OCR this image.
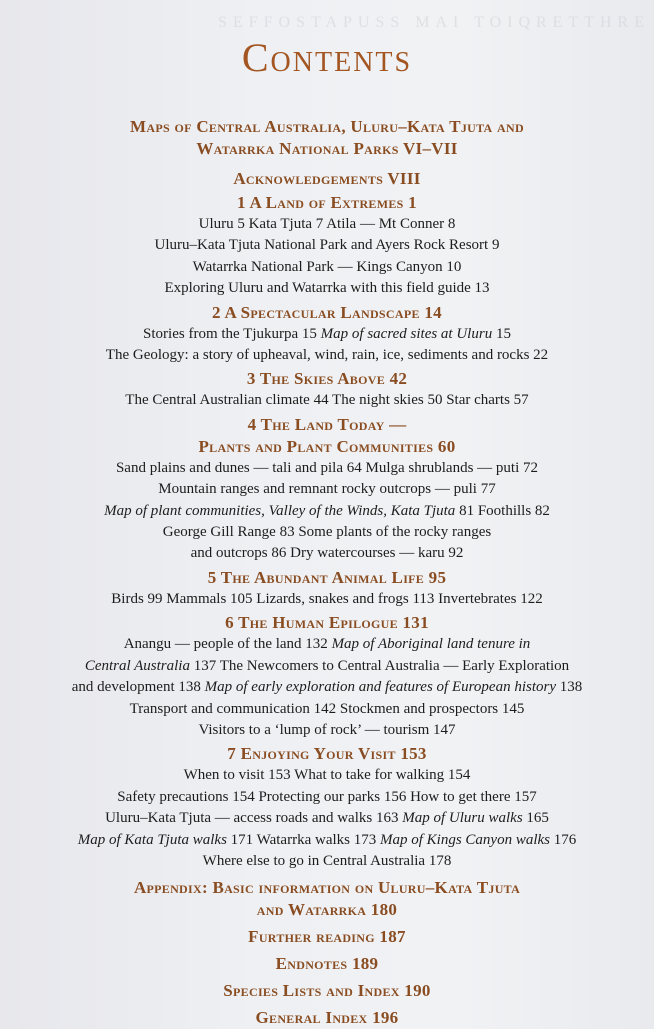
SEFFOSTAPUSS MAI TOIQRETTHRE
Contents
Maps of Central Australia, Uluru–Kata Tjuta and
Watarrka National Parks VI–VII
Acknowledgements VIII
1 A Land of Extremes 1
Uluru 5 Kata Tjuta 7 Atila — Mt Conner 8
Uluru–Kata Tjuta National Park and Ayers Rock Resort 9
Watarrka National Park — Kings Canyon 10
Exploring Uluru and Watarrka with this field guide 13
2 A Spectacular Landscape 14
Stories from the Tjukurpa 15 Map of sacred sites at Uluru 15
The Geology: a story of upheaval, wind, rain, ice, sediments and rocks 22
3 The Skies Above 42
The Central Australian climate 44 The night skies 50 Star charts 57
4 The Land Today —
Plants and Plant Communities 60
Sand plains and dunes — tali and pila 64 Mulga shrublands — puti 72
Mountain ranges and remnant rocky outcrops — puli 77
Map of plant communities, Valley of the Winds, Kata Tjuta 81 Foothills 82
George Gill Range 83 Some plants of the rocky ranges
and outcrops 86 Dry watercourses — karu 92
5 The Abundant Animal Life 95
Birds 99 Mammals 105 Lizards, snakes and frogs 113 Invertebrates 122
6 The Human Epilogue 131
Anangu — people of the land 132 Map of Aboriginal land tenure in
Central Australia 137 The Newcomers to Central Australia — Early Exploration
and development 138 Map of early exploration and features of European history 138
Transport and communication 142 Stockmen and prospectors 145
Visitors to a ‘lump of rock’ — tourism 147
7 Enjoying Your Visit 153
When to visit 153 What to take for walking 154
Safety precautions 154 Protecting our parks 156 How to get there 157
Uluru–Kata Tjuta — access roads and walks 163 Map of Uluru walks 165
Map of Kata Tjuta walks 171 Watarrka walks 173 Map of Kings Canyon walks 176
Where else to go in Central Australia 178
Appendix: Basic information on Uluru–Kata Tjuta
and Watarrka 180
Further reading 187
Endnotes 189
Species Lists and Index 190
General Index 196
